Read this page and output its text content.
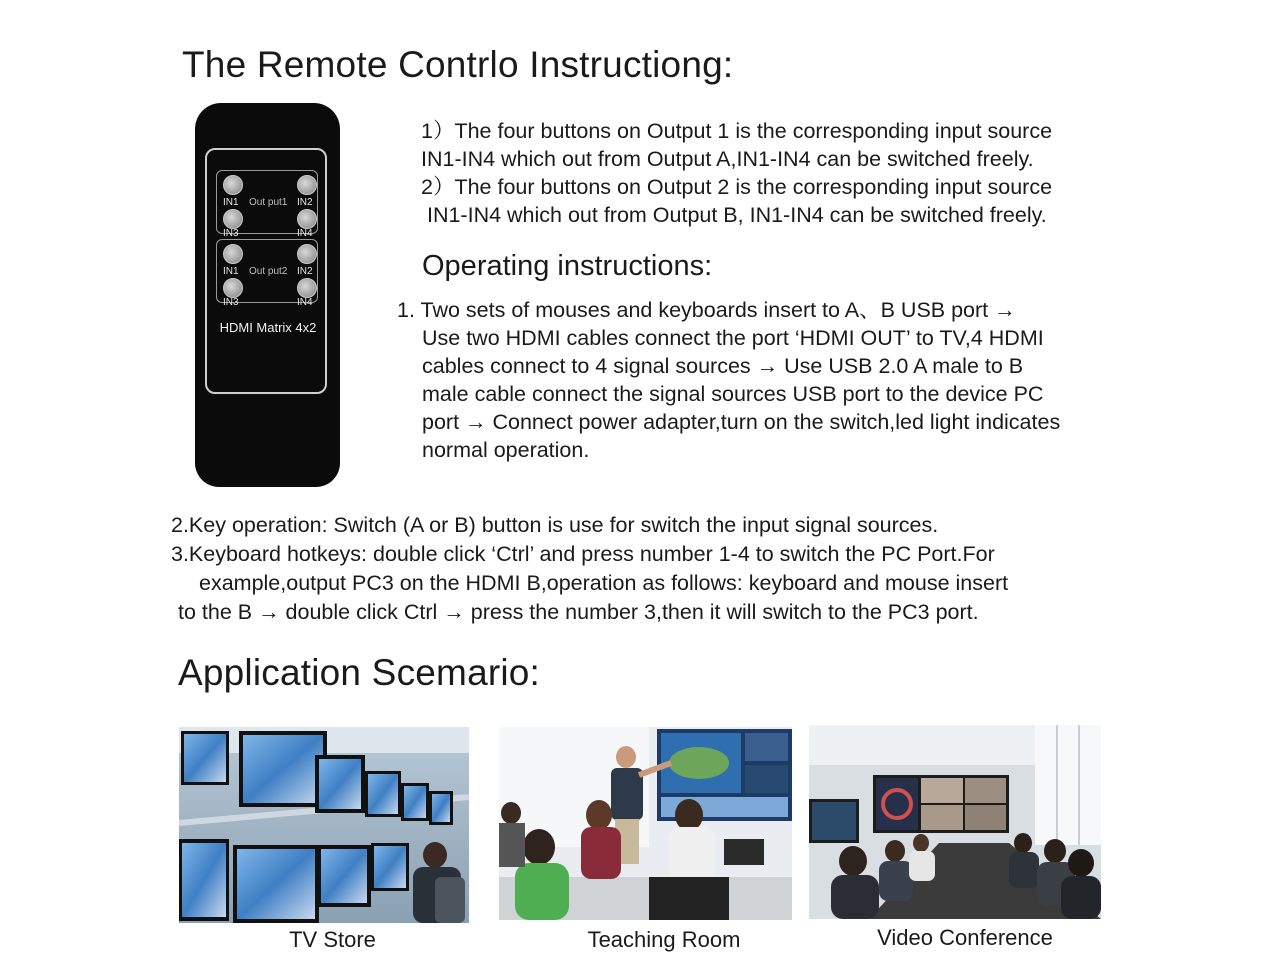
The Remote Contrlo Instructiong:
IN1 Out put1 IN2
IN3	IN4
IN1 Out put2 IN2
IN3	IN4
HDMI Matrix 4x2
1）The four buttons on Output 1 is the corresponding input source
IN1-IN4 which out from Output A,IN1-IN4 can be switched freely.
2）The four buttons on Output 2 is the corresponding input source
IN1-IN4 which out from Output B, IN1-IN4 can be switched freely.
Operating instructions:
1. Two sets of mouses and keyboards insert to A、B USB port →
Use two HDMI cables connect the port ‘HDMI OUT’ to TV,4 HDMI
cables connect to 4 signal sources → Use USB 2.0 A male to B
male cable connect the signal sources USB port to the device PC
port → Connect power adapter,turn on the switch,led light indicates
normal operation.
2.Key operation: Switch (A or B) button is use for switch the input signal sources.
3.Keyboard hotkeys: double click ‘Ctrl’ and press number 1-4 to switch the PC Port.For
example,output PC3 on the HDMI B,operation as follows: keyboard and mouse insert
to the B → double click Ctrl → press the number 3,then it will switch to the PC3 port.
Application Scemario:
TV Store	Teaching Room	Video Conference
